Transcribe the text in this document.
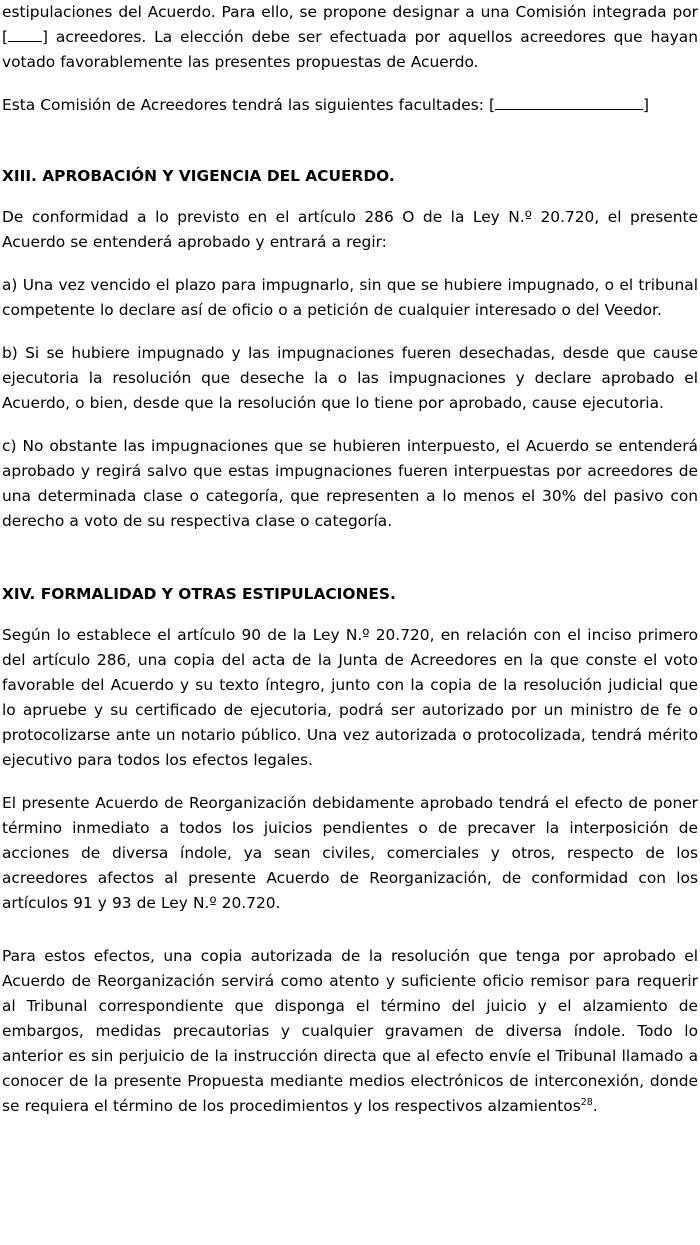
estipulaciones del Acuerdo. Para ello, se propone designar a una Comisión integrada por [ ] acreedores. La elección debe ser efectuada por aquellos acreedores que hayan votado favorablemente las presentes propuestas de Acuerdo.

Esta Comisión de Acreedores tendrá las siguientes facultades: [	]

XIII. APROBACIÓN Y VIGENCIA DEL ACUERDO.

De conformidad a lo previsto en el artículo 286 O de la Ley N.º 20.720, el presente Acuerdo se entenderá aprobado y entrará a regir:

a) Una vez vencido el plazo para impugnarlo, sin que se hubiere impugnado, o el tribunal competente lo declare así de oficio o a petición de cualquier interesado o del Veedor.

b) Si se hubiere impugnado y las impugnaciones fueren desechadas, desde que cause ejecutoria la resolución que deseche la o las impugnaciones y declare aprobado el Acuerdo, o bien, desde que la resolución que lo tiene por aprobado, cause ejecutoria.

c) No obstante las impugnaciones que se hubieren interpuesto, el Acuerdo se entenderá aprobado y regirá salvo que estas impugnaciones fueren interpuestas por acreedores de una determinada clase o categoría, que representen a lo menos el 30% del pasivo con derecho a voto de su respectiva clase o categoría.

XIV. FORMALIDAD Y OTRAS ESTIPULACIONES.

Según lo establece el artículo 90 de la Ley N.º 20.720, en relación con el inciso primero del artículo 286, una copia del acta de la Junta de Acreedores en la que conste el voto favorable del Acuerdo y su texto íntegro, junto con la copia de la resolución judicial que lo apruebe y su certificado de ejecutoria, podrá ser autorizado por un ministro de fe o protocolizarse ante un notario público. Una vez autorizada o protocolizada, tendrá mérito ejecutivo para todos los efectos legales.

El presente Acuerdo de Reorganización debidamente aprobado tendrá el efecto de poner término inmediato a todos los juicios pendientes o de precaver la interposición de acciones de diversa índole, ya sean civiles, comerciales y otros, respecto de los acreedores afectos al presente Acuerdo de Reorganización, de conformidad con los artículos 91 y 93 de Ley N.º 20.720.

Para estos efectos, una copia autorizada de la resolución que tenga por aprobado el Acuerdo de Reorganización servirá como atento y suficiente oficio remisor para requerir al Tribunal correspondiente que disponga el término del juicio y el alzamiento de embargos, medidas precautorias y cualquier gravamen de diversa índole. Todo lo anterior es sin perjuicio de la instrucción directa que al efecto envíe el Tribunal llamado a conocer de la presente Propuesta mediante medios electrónicos de interconexión, donde se requiera el término de los procedimientos y los respectivos alzamientos$^{28}$.
